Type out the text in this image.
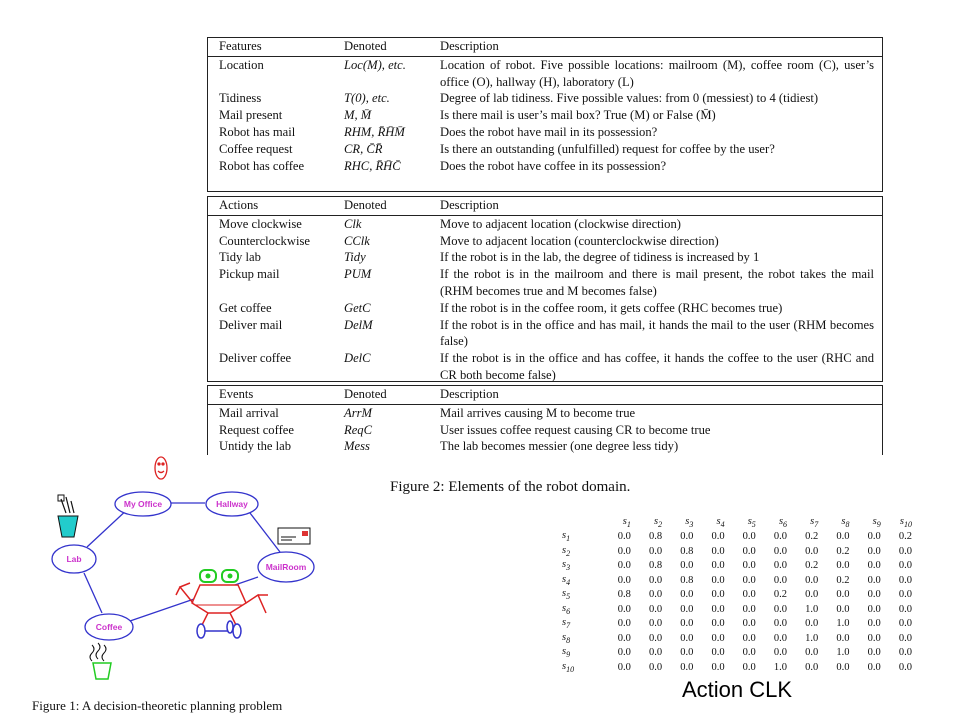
Features	Denoted	Description
Location	Loc(M), etc.	Location of robot. Five possible locations: mailroom (M), coffee room (C), user’s office (O), hallway (H), laboratory (L)
Tidiness	T(0), etc.	Degree of lab tidiness. Five possible values: from 0 (messiest) to 4 (tidiest)
Mail present	M, M̄	Is there mail is user’s mail box? True (M) or False (M̄)
Robot has mail	RHM, R̄H̄M̄	Does the robot have mail in its possession?
Coffee request	CR, C̄R̄	Is there an outstanding (unfulfilled) request for coffee by the user?
Robot has coffee	RHC, R̄H̄C̄	Does the robot have coffee in its possession?
Actions	Denoted	Description
Move clockwise	Clk	Move to adjacent location (clockwise direction)
Counterclockwise	CClk	Move to adjacent location (counterclockwise direction)
Tidy lab	Tidy	If the robot is in the lab, the degree of tidiness is increased by 1
Pickup mail	PUM	If the robot is in the mailroom and there is mail present, the robot takes the mail (RHM becomes true and M becomes false)
Get coffee	GetC	If the robot is in the coffee room, it gets coffee (RHC becomes true)
Deliver mail	DelM	If the robot is in the office and has mail, it hands the mail to the user (RHM becomes false)
Deliver coffee	DelC	If the robot is in the office and has coffee, it hands the coffee to the user (RHC and CR both become false)
Events	Denoted	Description
Mail arrival	ArrM	Mail arrives causing M to become true
Request coffee	ReqC	User issues coffee request causing CR to become true
Untidy the lab	Mess	The lab becomes messier (one degree less tidy)
Figure 2: Elements of the robot domain.
My Office	Hallway
Lab
MailRoom
Coffee
Figure 1: A decision-theoretic planning problem
	$s_1$	$s_2$	$s_3$	$s_4$	$s_5$	$s_6$	$s_7$	$s_8$	$s_9$	$s_{10}$
$s_1$	0.0	0.8	0.0	0.0	0.0	0.0	0.2	0.0	0.0	0.2
$s_2$	0.0	0.0	0.8	0.0	0.0	0.0	0.0	0.2	0.0	0.0
$s_3$	0.0	0.8	0.0	0.0	0.0	0.0	0.2	0.0	0.0	0.0
$s_4$	0.0	0.0	0.8	0.0	0.0	0.0	0.0	0.2	0.0	0.0
$s_5$	0.8	0.0	0.0	0.0	0.0	0.2	0.0	0.0	0.0	0.0
$s_6$	0.0	0.0	0.0	0.0	0.0	0.0	1.0	0.0	0.0	0.0
$s_7$	0.0	0.0	0.0	0.0	0.0	0.0	0.0	1.0	0.0	0.0
$s_8$	0.0	0.0	0.0	0.0	0.0	0.0	1.0	0.0	0.0	0.0
$s_9$	0.0	0.0	0.0	0.0	0.0	0.0	0.0	1.0	0.0	0.0
$s_{10}$	0.0	0.0	0.0	0.0	0.0	1.0	0.0	0.0	0.0	0.0
Action CLK
